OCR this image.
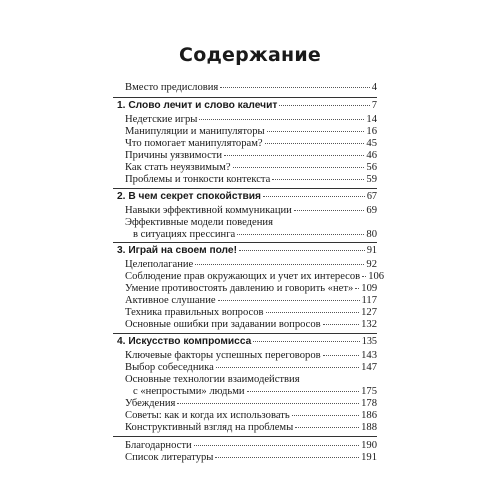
Содержание
Вместо предисловия	4
1. Слово лечит и слово калечит	7
Недетские игры	14
Манипуляции и манипуляторы	16
Что помогает манипуляторам?	45
Причины уязвимости	46
Как стать неуязвимым?	56
Проблемы и тонкости контекста	59
2. В чем секрет спокойствия	67
Навыки эффективной коммуникации	69
Эффективные модели поведения
в ситуациях прессинга	80
3. Играй на своем поле!	91
Целеполагание	92
Соблюдение прав окружающих и учет их интересов 106
Умение противостоять давлению и говорить «нет» 109
Активное слушание	117
Техника правильных вопросов	127
Основные ошибки при задавании вопросов	132
4. Искусство компромисса	135
Ключевые факторы успешных переговоров	143
Выбор собеседника	147
Основные технологии взаимодействия
с «непростыми» людьми	175
Убеждения	178
Советы: как и когда их использовать	186
Конструктивный взгляд на проблемы	188
Благодарности	190
Список литературы	191
